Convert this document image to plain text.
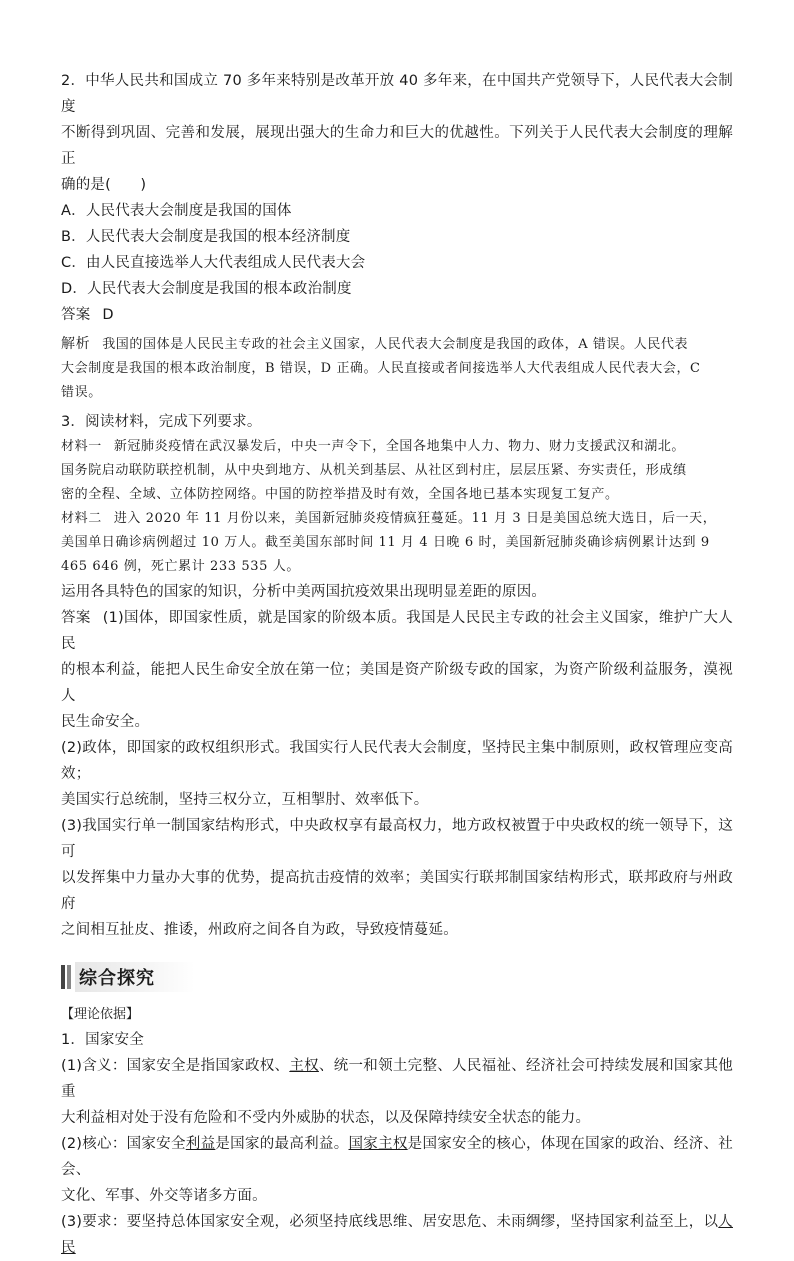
2．中华人民共和国成立 70 多年来特别是改革开放 40 多年来，在中国共产党领导下，人民代表大会制度

不断得到巩固、完善和发展，展现出强大的生命力和巨大的优越性。下列关于人民代表大会制度的理解正

确的是(　　)

A．人民代表大会制度是我国的国体

B．人民代表大会制度是我国的根本经济制度

C．由人民直接选举人大代表组成人民代表大会

D．人民代表大会制度是我国的根本政治制度

答案 D

解析 我国的国体是人民民主专政的社会主义国家，人民代表大会制度是我国的政体，A 错误。人民代表

大会制度是我国的根本政治制度，B 错误，D 正确。人民直接或者间接选举人大代表组成人民代表大会，C

错误。

3．阅读材料，完成下列要求。

材料一 新冠肺炎疫情在武汉暴发后，中央一声令下，全国各地集中人力、物力、财力支援武汉和湖北。

国务院启动联防联控机制，从中央到地方、从机关到基层、从社区到村庄，层层压紧、夯实责任，形成缜

密的全程、全域、立体防控网络。中国的防控举措及时有效，全国各地已基本实现复工复产。

材料二 进入 2020 年 11 月份以来，美国新冠肺炎疫情疯狂蔓延。11 月 3 日是美国总统大选日，后一天，

美国单日确诊病例超过 10 万人。截至美国东部时间 11 月 4 日晚 6 时，美国新冠肺炎确诊病例累计达到 9

465 646 例，死亡累计 233 535 人。

运用各具特色的国家的知识，分析中美两国抗疫效果出现明显差距的原因。

答案 (1)国体，即国家性质，就是国家的阶级本质。我国是人民民主专政的社会主义国家，维护广大人民

的根本利益，能把人民生命安全放在第一位；美国是资产阶级专政的国家，为资产阶级利益服务，漠视人

民生命安全。

(2)政体，即国家的政权组织形式。我国实行人民代表大会制度，坚持民主集中制原则，政权管理应变高效；

美国实行总统制，坚持三权分立，互相掣肘、效率低下。

(3)我国实行单一制国家结构形式，中央政权享有最高权力，地方政权被置于中央政权的统一领导下，这可

以发挥集中力量办大事的优势，提高抗击疫情的效率；美国实行联邦制国家结构形式，联邦政府与州政府

之间相互扯皮、推诿，州政府之间各自为政，导致疫情蔓延。

综合探究

【理论依据】

1．国家安全

(1)含义：国家安全是指国家政权、主权、统一和领土完整、人民福祉、经济社会可持续发展和国家其他重

大利益相对处于没有危险和不受内外威胁的状态，以及保障持续安全状态的能力。

(2)核心：国家安全利益是国家的最高利益。国家主权是国家安全的核心，体现在国家的政治、经济、社会、

文化、军事、外交等诸多方面。

(3)要求：要坚持总体国家安全观，必须坚持底线思维、居安思危、未雨绸缪，坚持国家利益至上，以人民
